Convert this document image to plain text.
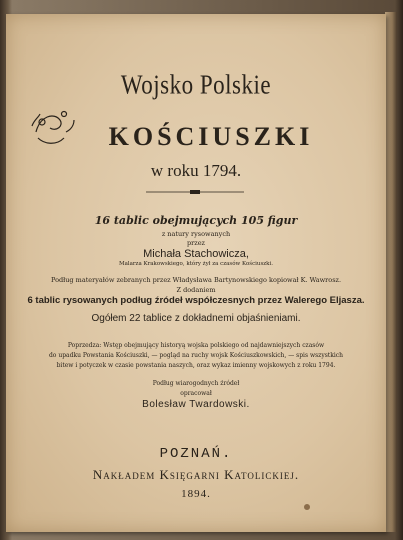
Wojsko Polskie
KOŚCIUSZKI
w roku 1794.
16 tablic obejmujących 105 figur
z natury rysowanych
przez
Michała Stachowicza,
Malarza Krakowskiego, który żył za czasów Kościuszki.
Podług materyałów zebranych przez Władysława Bartynowskiego kopiował K. Wawrosz.
Z dodaniem
6 tablic rysowanych podług źródeł współczesnych przez Walerego Eljasza.
Ogółem 22 tablice z dokładnemi objaśnieniami.
Poprzedza: Wstęp obejmujący historyą wojska polskiego od najdawniejszych czasów
do upadku Powstania Kościuszki, — pogląd na ruchy wojsk Kościuszkowskich, — spis wszystkich
bitew i potyczek w czasie powstania naszych, oraz wykaz imienny wojskowych z roku 1794.
Podług wiarogodnych źródeł
opracował
Bolesław Twardowski.
POZNAŃ.
Nakładem Księgarni Katolickiej.
1894.
